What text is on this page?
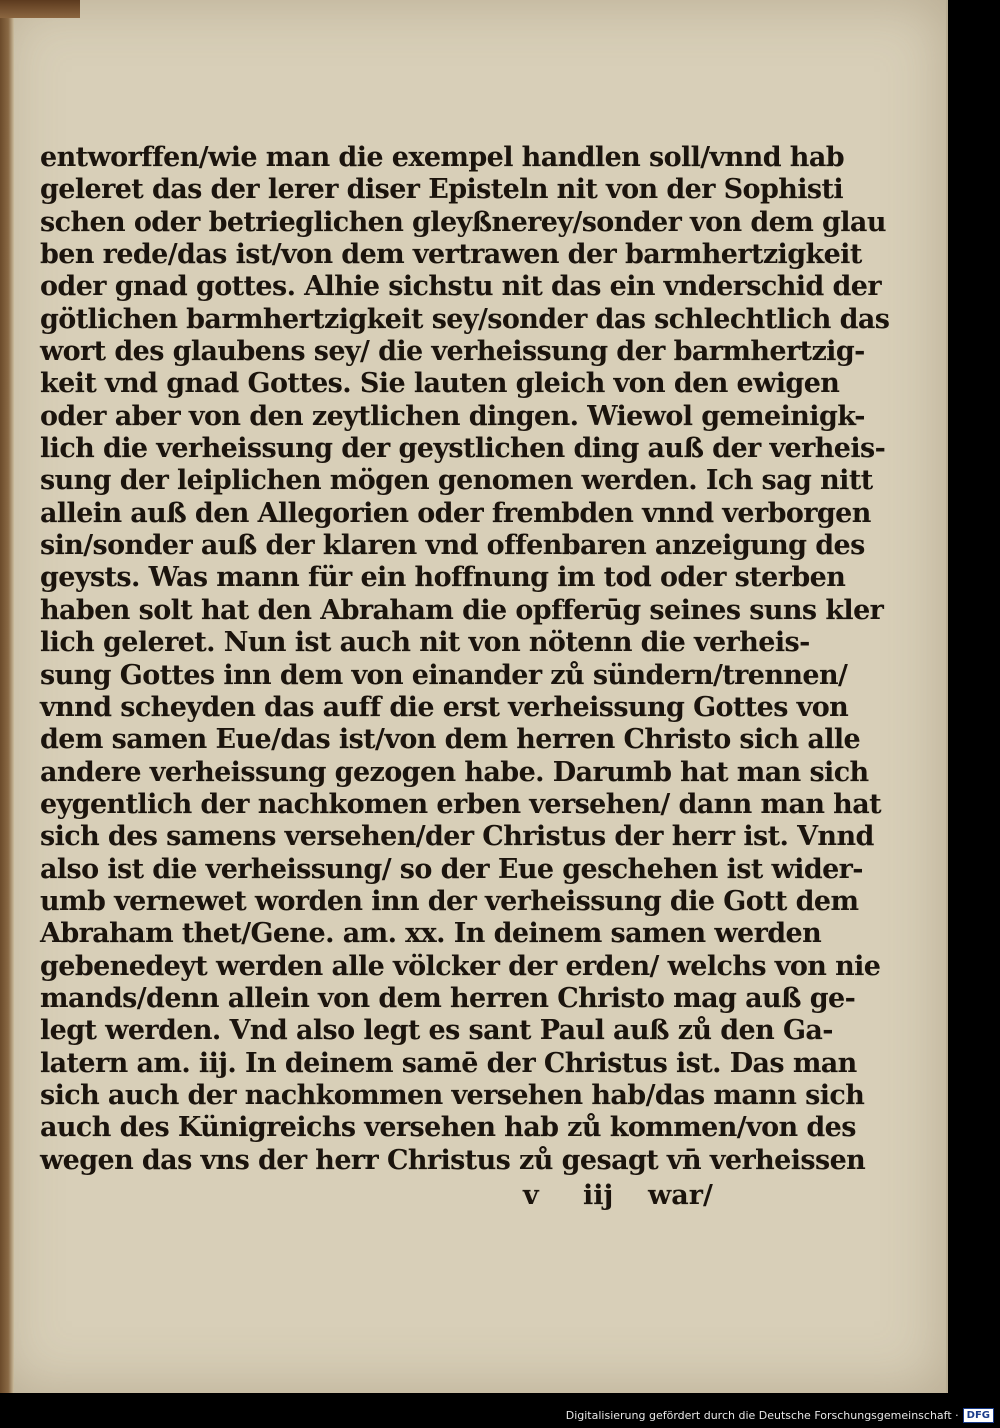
entworffen/wie man die exempel handlen soll/vnnd hab
geleret das der lerer diser Episteln nit von der Sophisti
schen oder betrieglichen gleyßnerey/sonder von dem glau
ben rede/das ist/von dem vertrawen der barmhertzigkeit
oder gnad gottes. Alhie sichstu nit das ein vnderschid der
götlichen barmhertzigkeit sey/sonder das schlechtlich das
wort des glaubens sey/ die verheissung der barmhertzig-
keit vnd gnad Gottes. Sie lauten gleich von den ewigen
oder aber von den zeytlichen dingen. Wiewol gemeinigk-
lich die verheissung der geystlichen ding auß der verheis-
sung der leiplichen mögen genomen werden. Ich sag nitt
allein auß den Allegorien oder frembden vnnd verborgen
sin/sonder auß der klaren vnd offenbaren anzeigung des
geysts. Was mann für ein hoffnung im tod oder sterben
haben solt hat den Abraham die opfferūg seines suns kler
lich geleret. Nun ist auch nit von nötenn die verheis-
sung Gottes inn dem von einander zů sündern/trennen/
vnnd scheyden das auff die erst verheissung Gottes von
dem samen Eue/das ist/von dem herren Christo sich alle
andere verheissung gezogen habe. Darumb hat man sich
eygentlich der nachkomen erben versehen/ dann man hat
sich des samens versehen/der Christus der herr ist. Vnnd
also ist die verheissung/ so der Eue geschehen ist wider-
umb vernewet worden inn der verheissung die Gott dem
Abraham thet/Gene. am. xx. In deinem samen werden
gebenedeyt werden alle völcker der erden/ welchs von nie
mands/denn allein von dem herren Christo mag auß ge-
legt werden. Vnd also legt es sant Paul auß zů den Ga-
latern am. iij. In deinem samē der Christus ist. Das man
sich auch der nachkommen versehen hab/das mann sich
auch des Künigreichs versehen hab zů kommen/von des
wegen das vns der herr Christus zů gesagt vn̄ verheissen
v iij war/
Digitalisierung gefördert durch die Deutsche Forschungsgemeinschaft · DFG
